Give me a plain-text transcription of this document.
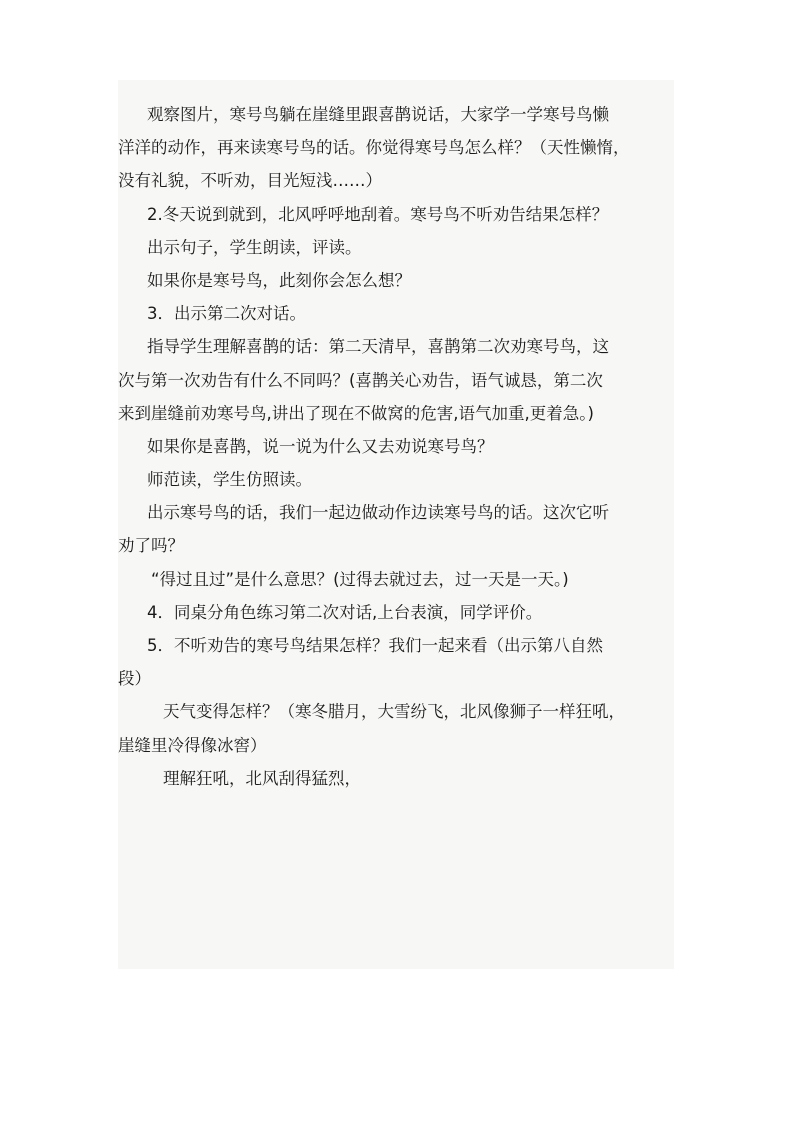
观察图片，寒号鸟躺在崖缝里跟喜鹊说话，大家学一学寒号鸟懒
洋洋的动作，再来读寒号鸟的话。你觉得寒号鸟怎么样？（天性懒惰，
没有礼貌，不听劝，目光短浅……）
2.冬天说到就到，北风呼呼地刮着。寒号鸟不听劝告结果怎样？
出示句子，学生朗读，评读。
如果你是寒号鸟，此刻你会怎么想？
3．出示第二次对话。
指导学生理解喜鹊的话：第二天清早，喜鹊第二次劝寒号鸟，这
次与第一次劝告有什么不同吗？(喜鹊关心劝告，语气诚恳，第二次
来到崖缝前劝寒号鸟,讲出了现在不做窝的危害,语气加重,更着急。)
如果你是喜鹊，说一说为什么又去劝说寒号鸟？
师范读，学生仿照读。
出示寒号鸟的话，我们一起边做动作边读寒号鸟的话。这次它听
劝了吗？
“得过且过”是什么意思？(过得去就过去，过一天是一天。)
4．同桌分角色练习第二次对话,上台表演，同学评价。
5．不听劝告的寒号鸟结果怎样？我们一起来看（出示第八自然
段）
天气变得怎样？（寒冬腊月，大雪纷飞，北风像狮子一样狂吼，
崖缝里冷得像冰窖）
理解狂吼，北风刮得猛烈，
